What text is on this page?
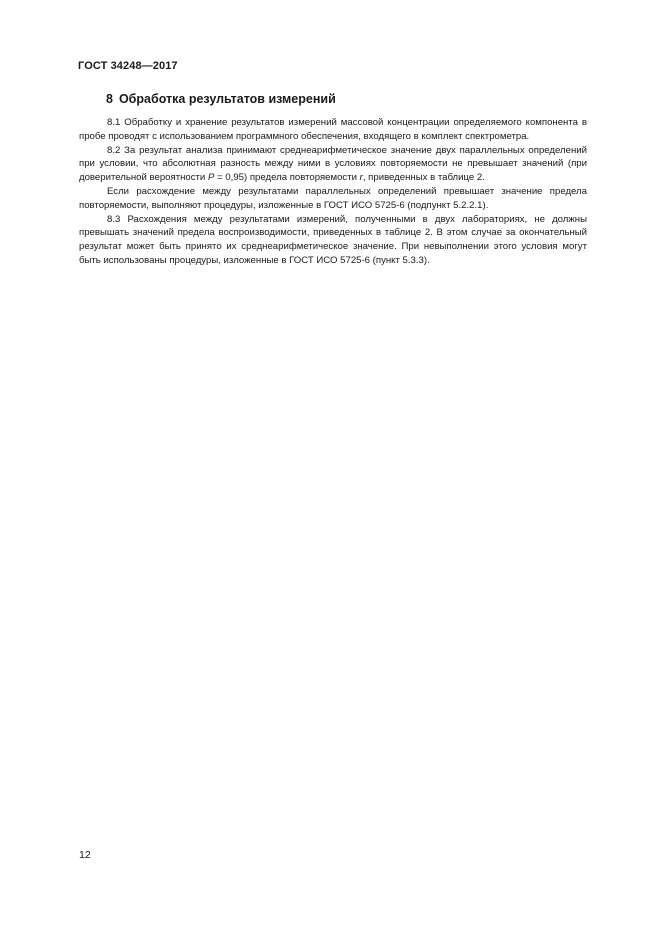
ГОСТ 34248—2017
8 Обработка результатов измерений

8.1 Обработку и хранение результатов измерений массовой концентрации определяемого компонента в пробе проводят с использованием программного обеспечения, входящего в комплект спектрометра.

8.2 За результат анализа принимают среднеарифметическое значение двух параллельных определений при условии, что абсолютная разность между ними в условиях повторяемости не превышает значений (при доверительной вероятности P = 0,95) предела повторяемости r, приведенных в таблице 2.

Если расхождение между результатами параллельных определений превышает значение предела повторяемости, выполняют процедуры, изложенные в ГОСТ ИСО 5725-6 (подпункт 5.2.2.1).

8.3 Расхождения между результатами измерений, полученными в двух лабораториях, не должны превышать значений предела воспроизводимости, приведенных в таблице 2. В этом случае за окончательный результат может быть принято их среднеарифметическое значение. При невыполнении этого условия могут быть использованы процедуры, изложенные в ГОСТ ИСО 5725-6 (пункт 5.3.3).

12
